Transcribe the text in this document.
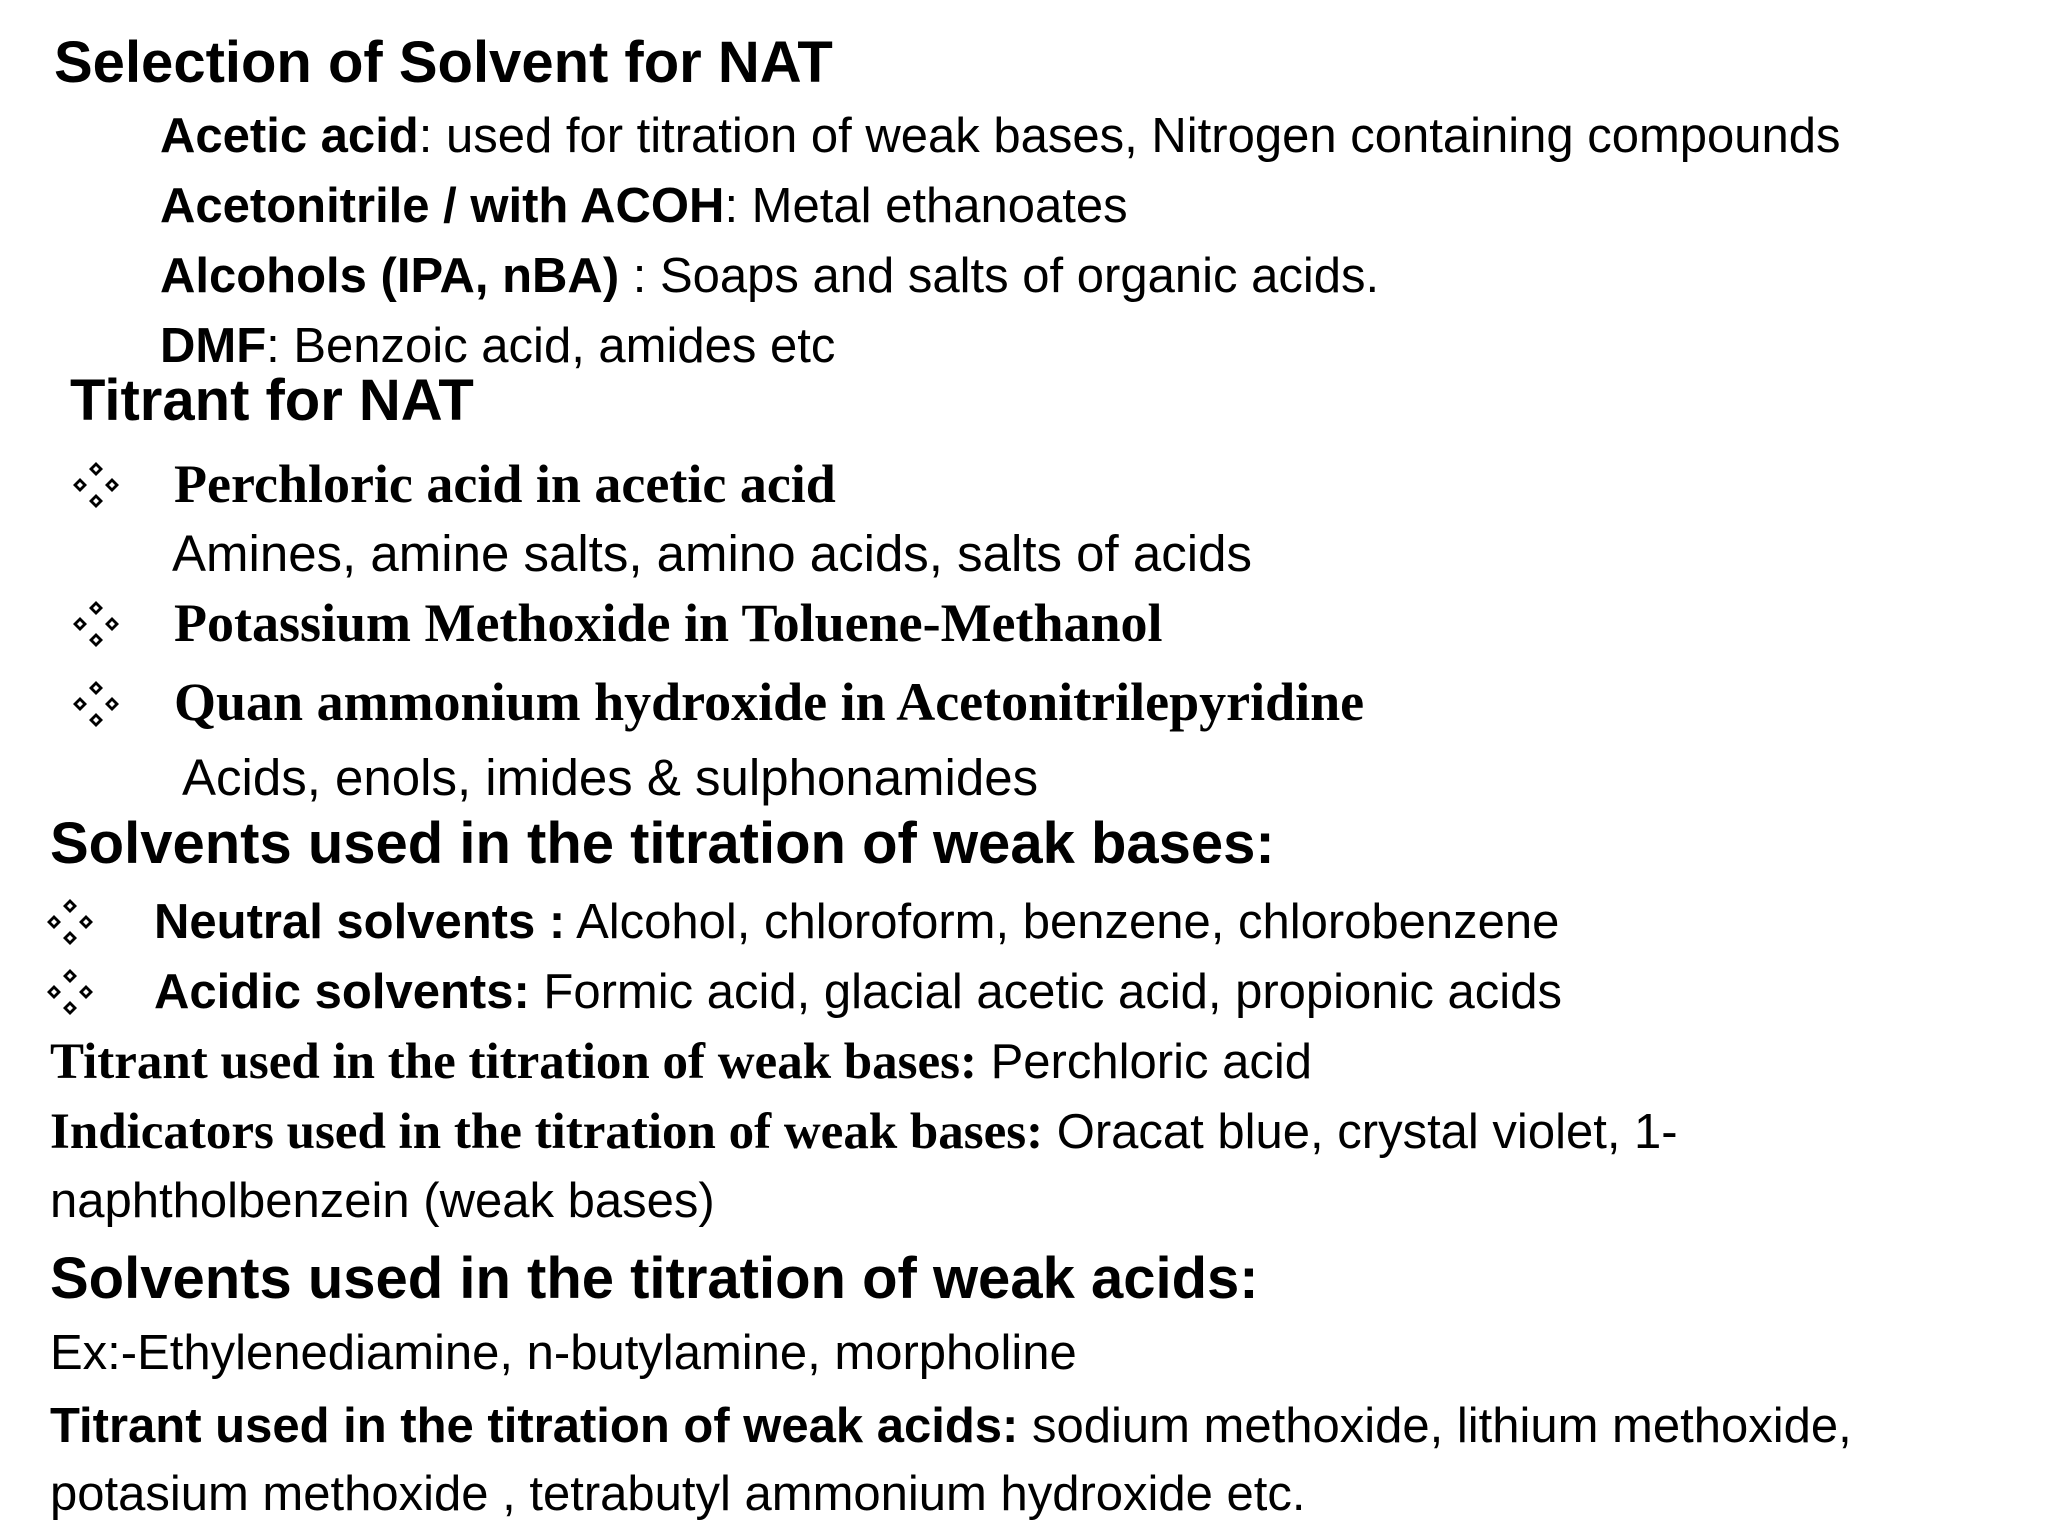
Selection of Solvent for NAT
Acetic acid: used for titration of weak bases, Nitrogen containing compounds
Acetonitrile / with ACOH: Metal ethanoates
Alcohols (IPA, nBA) : Soaps and salts of organic acids.
DMF: Benzoic acid, amides etc
Titrant for NAT
Perchloric acid in acetic acid
Amines, amine salts, amino acids, salts of acids
Potassium Methoxide in Toluene-Methanol
Quan ammonium hydroxide in Acetonitrilepyridine
Acids, enols, imides & sulphonamides
Solvents used in the titration of weak bases:
Neutral solvents : Alcohol, chloroform, benzene, chlorobenzene
Acidic solvents: Formic acid, glacial acetic acid, propionic acids
Titrant used in the titration of weak bases: Perchloric acid
Indicators used in the titration of weak bases: Oracat blue, crystal violet, 1-
naphtholbenzein (weak bases)
Solvents used in the titration of weak acids:
Ex:-Ethylenediamine, n-butylamine, morpholine
Titrant used in the titration of weak acids: sodium methoxide, lithium methoxide,
potasium methoxide , tetrabutyl ammonium hydroxide etc.
